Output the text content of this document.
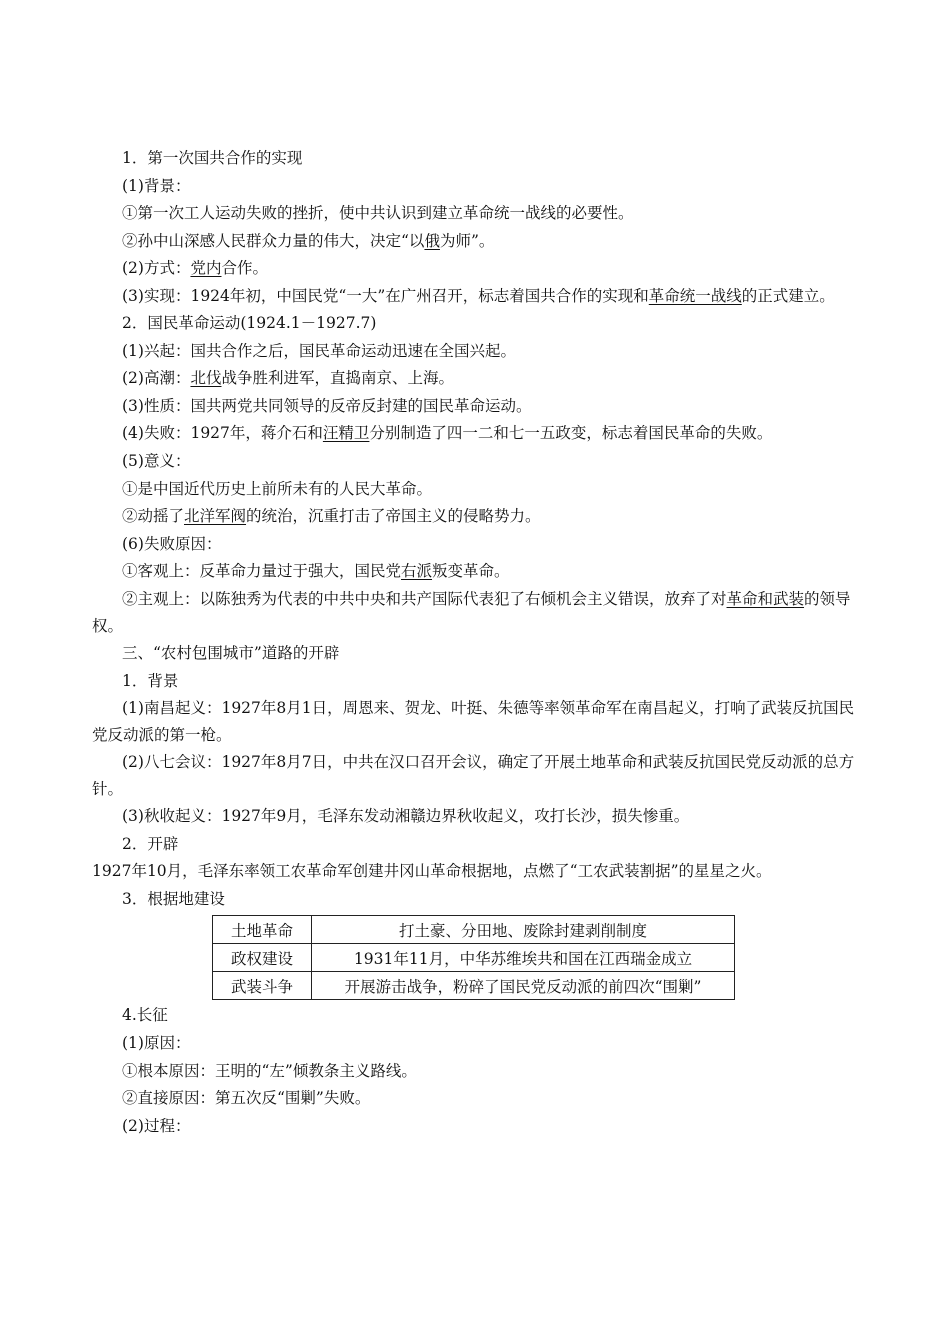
1．第一次国共合作的实现
(1)背景：
①第一次工人运动失败的挫折，使中共认识到建立革命统一战线的必要性。
②孙中山深感人民群众力量的伟大，决定“以俄为师”。
(2)方式：党内合作。
(3)实现：1924年初，中国民党“一大”在广州召开，标志着国共合作的实现和革命统一战线的正式建立。
2．国民革命运动(1924.1－1927.7)
(1)兴起：国共合作之后，国民革命运动迅速在全国兴起。
(2)高潮：北伐战争胜利进军，直捣南京、上海。
(3)性质：国共两党共同领导的反帝反封建的国民革命运动。
(4)失败：1927年，蒋介石和汪精卫分别制造了四一二和七一五政变，标志着国民革命的失败。
(5)意义：
①是中国近代历史上前所未有的人民大革命。
②动摇了北洋军阀的统治，沉重打击了帝国主义的侵略势力。
(6)失败原因：
①客观上：反革命力量过于强大，国民党右派叛变革命。
②主观上：以陈独秀为代表的中共中央和共产国际代表犯了右倾机会主义错误，放弃了对革命和武装的领导权。
三、“农村包围城市”道路的开辟
1．背景
(1)南昌起义：1927年8月1日，周恩来、贺龙、叶挺、朱德等率领革命军在南昌起义，打响了武装反抗国民党反动派的第一枪。
(2)八七会议：1927年8月7日，中共在汉口召开会议，确定了开展土地革命和武装反抗国民党反动派的总方针。
(3)秋收起义：1927年9月，毛泽东发动湘赣边界秋收起义，攻打长沙，损失惨重。
2．开辟
1927年10月，毛泽东率领工农革命军创建井冈山革命根据地，点燃了“工农武装割据”的星星之火。
3．根据地建设
土地革命	打土豪、分田地、废除封建剥削制度
政权建设	1931年11月，中华苏维埃共和国在江西瑞金成立
武装斗争	开展游击战争，粉碎了国民党反动派的前四次“围剿”
4.长征
(1)原因：
①根本原因：王明的“左”倾教条主义路线。
②直接原因：第五次反“围剿”失败。
(2)过程：
